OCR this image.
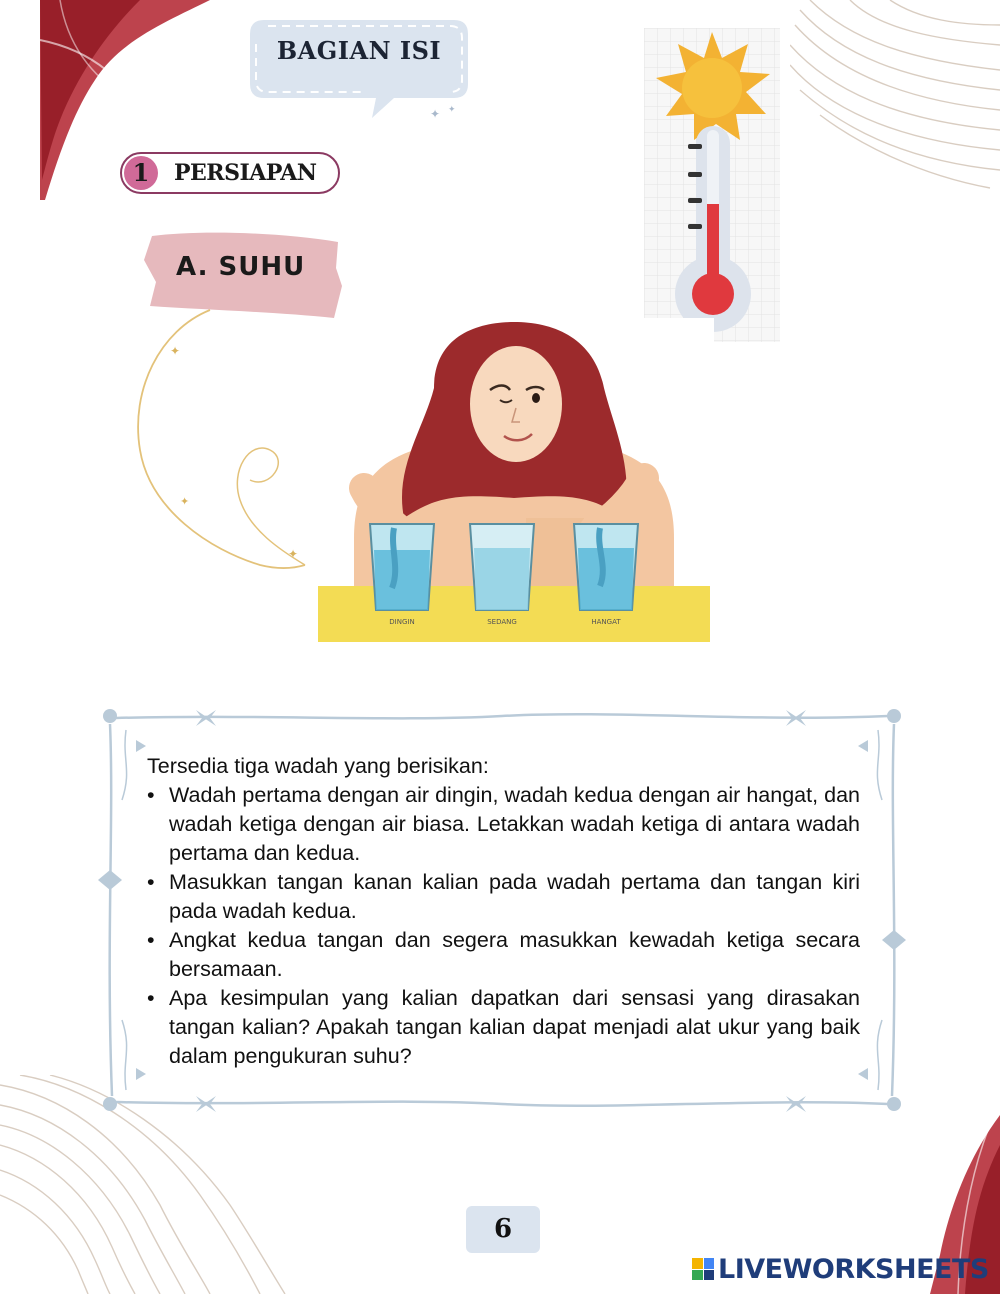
✦ ✦
BAGIAN ISI
1	PERSIAPAN
A. SUHU
✦
✦
✦
DINGIN	SEDANG	HANGAT
Tersedia tiga wadah yang berisikan:
• Wadah pertama dengan air dingin, wadah kedua dengan air hangat, dan wadah ketiga dengan air biasa. Letakkan wadah ketiga di antara wadah pertama dan kedua.
• Masukkan tangan kanan kalian pada wadah pertama dan tangan kiri pada wadah kedua.
• Angkat kedua tangan dan segera masukkan kewadah ketiga secara bersamaan.
• Apa kesimpulan yang kalian dapatkan dari sensasi yang dirasakan tangan kalian? Apakah tangan kalian dapat menjadi alat ukur yang baik dalam pengukuran suhu?
6
LIVEWORKSHEETS
